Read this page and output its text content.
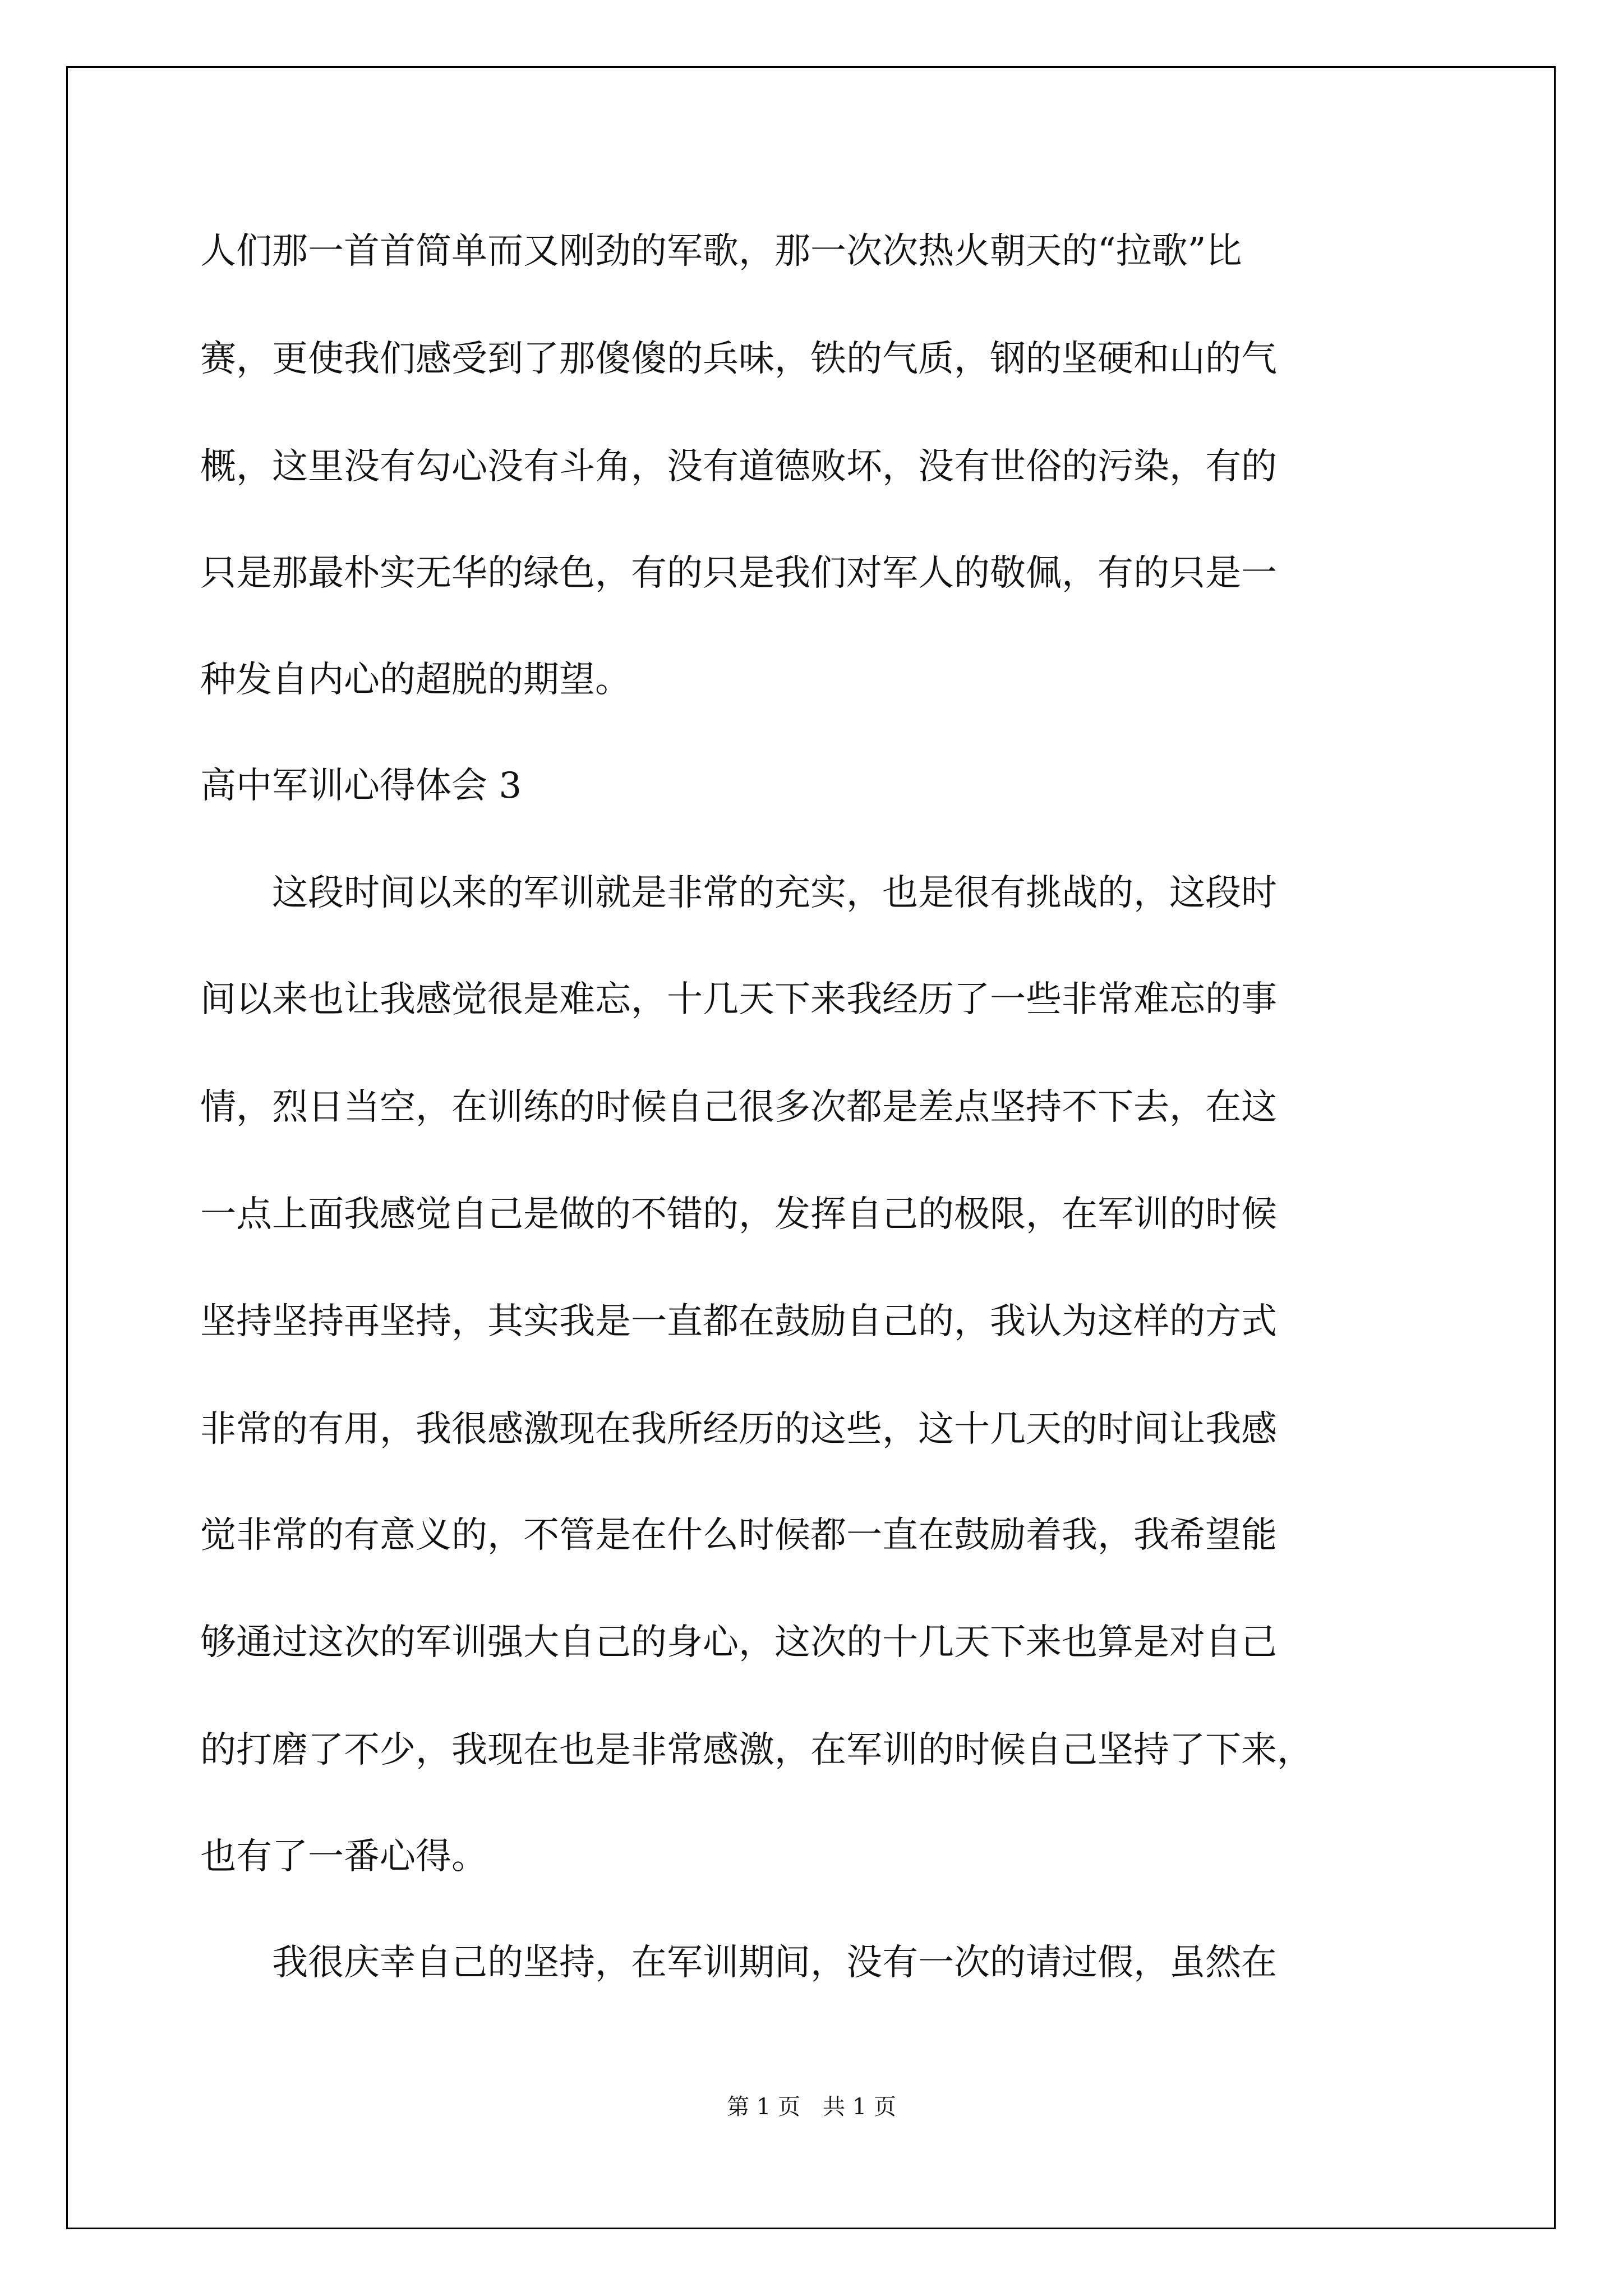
人们那一首首简单而又刚劲的军歌，那一次次热火朝天的“拉歌”比
赛，更使我们感受到了那傻傻的兵味，铁的气质，钢的坚硬和山的气
概，这里没有勾心没有斗角，没有道德败坏，没有世俗的污染，有的
只是那最朴实无华的绿色，有的只是我们对军人的敬佩，有的只是一
种发自内心的超脱的期望。
高中军训心得体会 3
　　这段时间以来的军训就是非常的充实，也是很有挑战的，这段时
间以来也让我感觉很是难忘，十几天下来我经历了一些非常难忘的事
情，烈日当空，在训练的时候自己很多次都是差点坚持不下去，在这
一点上面我感觉自己是做的不错的，发挥自己的极限，在军训的时候
坚持坚持再坚持，其实我是一直都在鼓励自己的，我认为这样的方式
非常的有用，我很感激现在我所经历的这些，这十几天的时间让我感
觉非常的有意义的，不管是在什么时候都一直在鼓励着我，我希望能
够通过这次的军训强大自己的身心，这次的十几天下来也算是对自己
的打磨了不少，我现在也是非常感激，在军训的时候自己坚持了下来，
也有了一番心得。
　　我很庆幸自己的坚持，在军训期间，没有一次的请过假，虽然在
第 1 页　共 1 页
